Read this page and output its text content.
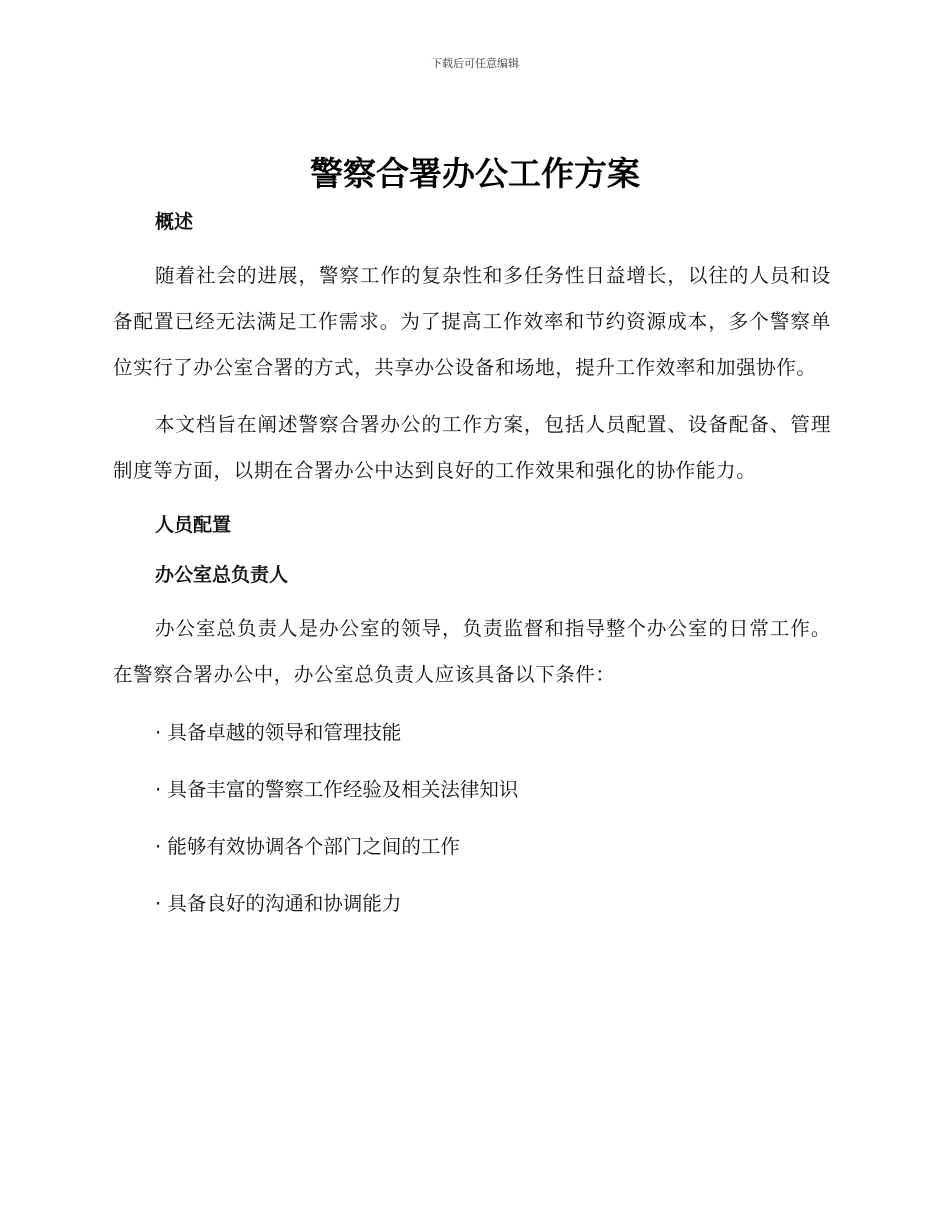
下载后可任意编辑
警察合署办公工作方案
概述

随着社会的进展，警察工作的复杂性和多任务性日益增长，以往的人员和设备配置已经无法满足工作需求。为了提高工作效率和节约资源成本，多个警察单位实行了办公室合署的方式，共享办公设备和场地，提升工作效率和加强协作。

本文档旨在阐述警察合署办公的工作方案，包括人员配置、设备配备、管理制度等方面，以期在合署办公中达到良好的工作效果和强化的协作能力。

人员配置
办公室总负责人

办公室总负责人是办公室的领导，负责监督和指导整个办公室的日常工作。在警察合署办公中，办公室总负责人应该具备以下条件：

· 具备卓越的领导和管理技能
· 具备丰富的警察工作经验及相关法律知识
· 能够有效协调各个部门之间的工作
· 具备良好的沟通和协调能力
